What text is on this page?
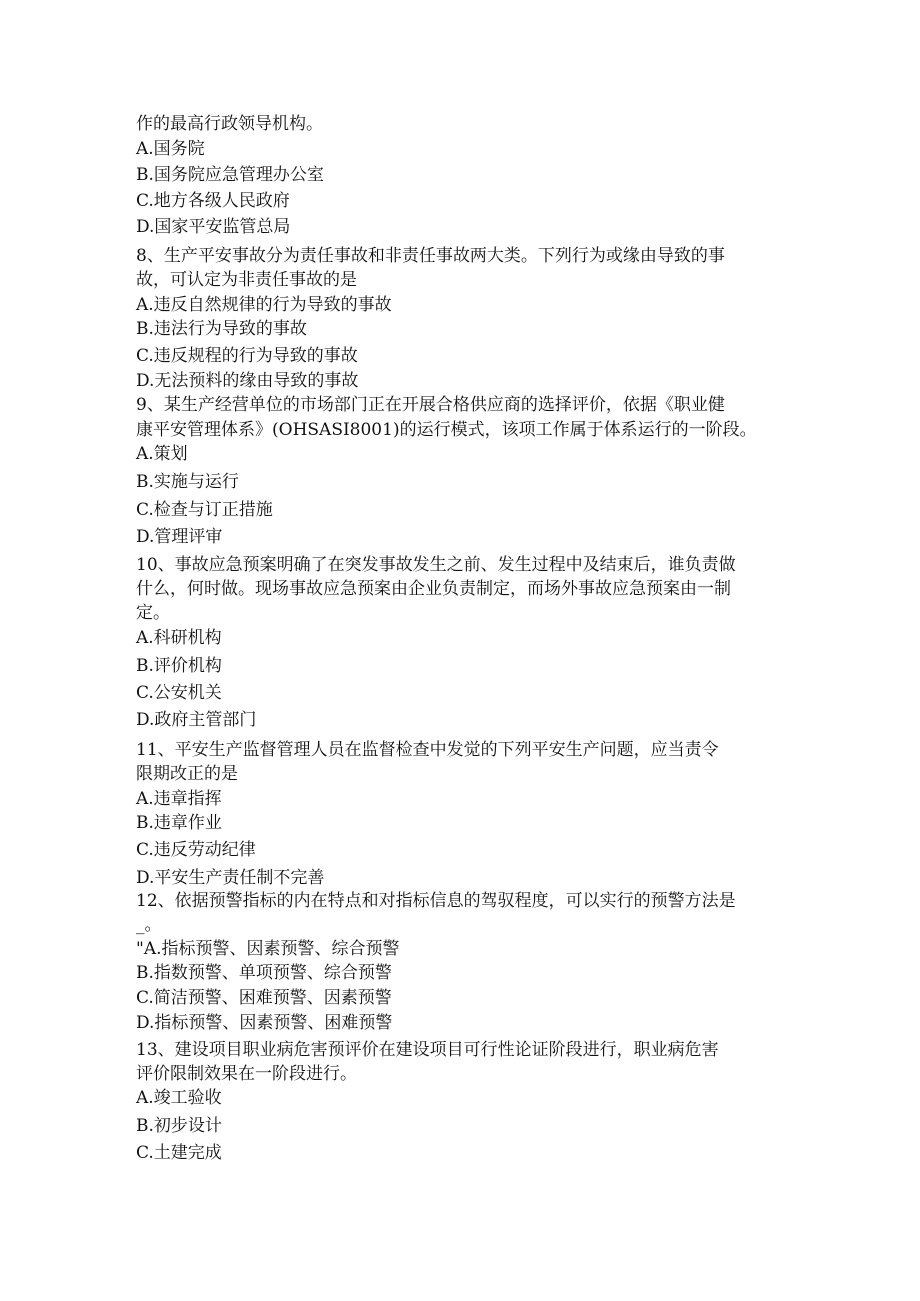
作的最高行政领导机构。
A.国务院
B.国务院应急管理办公室
C.地方各级人民政府
D.国家平安监管总局
8、生产平安事故分为责任事故和非责任事故两大类。下列行为或缘由导致的事
故，可认定为非责任事故的是
A.违反自然规律的行为导致的事故
B.违法行为导致的事故
C.违反规程的行为导致的事故
D.无法预料的缘由导致的事故
9、某生产经营单位的市场部门正在开展合格供应商的选择评价，依据《职业健
康平安管理体系》(OHSASI8001)的运行模式，该项工作属于体系运行的一阶段。
A.策划
B.实施与运行
C.检查与订正措施
D.管理评审
10、事故应急预案明确了在突发事故发生之前、发生过程中及结束后，谁负责做
什么，何时做。现场事故应急预案由企业负责制定，而场外事故应急预案由一制
定。
A.科研机构
B.评价机构
C.公安机关
D.政府主管部门
11、平安生产监督管理人员在监督检查中发觉的下列平安生产问题，应当责令
限期改正的是
A.违章指挥
B.违章作业
C.违反劳动纪律
D.平安生产责任制不完善
12、依据预警指标的内在特点和对指标信息的驾驭程度，可以实行的预警方法是
_。
"A.指标预警、因素预警、综合预警
B.指数预警、单项预警、综合预警
C.简洁预警、困难预警、因素预警
D.指标预警、因素预警、困难预警
13、建设项目职业病危害预评价在建设项目可行性论证阶段进行，职业病危害
评价限制效果在一阶段进行。
A.竣工验收
B.初步设计
C.土建完成
